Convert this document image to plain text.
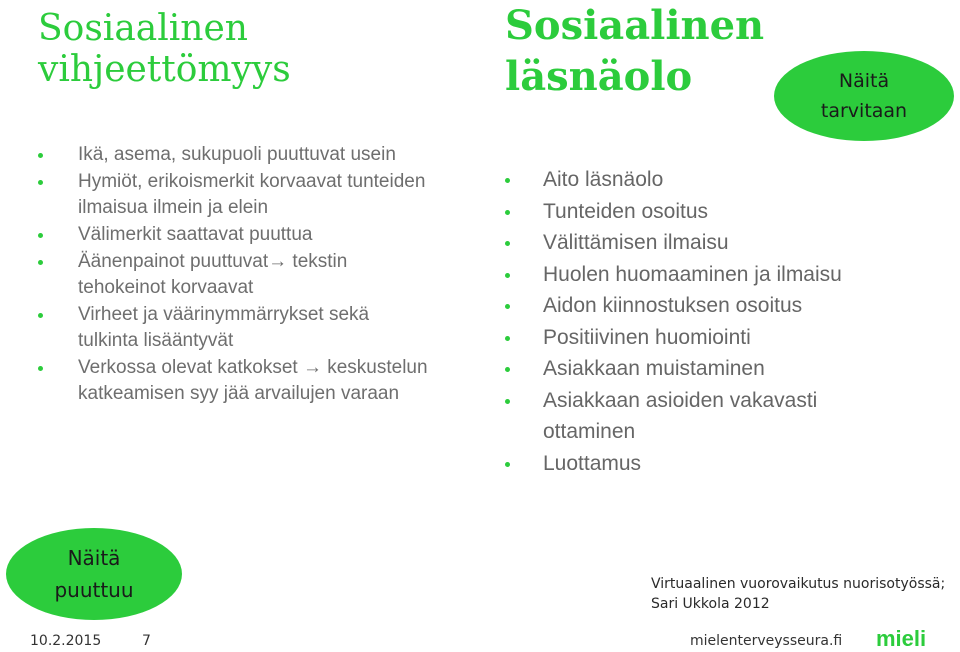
Sosiaalinen
vihjeettömyys
Ikä, asema, sukupuoli puuttuvat usein
Hymiöt, erikoismerkit korvaavat tunteiden ilmaisua ilmein ja elein
Välimerkit saattavat puuttua
Äänenpainot puuttuvat→ tekstin tehokeinot korvaavat
Virheet ja väärinymmärrykset sekä tulkinta lisääntyvät
Verkossa olevat katkokset → keskustelun katkeamisen syy jää arvailujen varaan
Sosiaalinen
läsnäolo	Näitä
tarvitaan
Aito läsnäolo
Tunteiden osoitus
Välittämisen ilmaisu
Huolen huomaaminen ja ilmaisu
Aidon kiinnostuksen osoitus
Positiivinen huomiointi
Asiakkaan muistaminen
Asiakkaan asioiden vakavasti ottaminen
Luottamus
Näitä
puuttuu	Virtuaalinen vuorovaikutus nuorisotyössä;
Sari Ukkola 2012
10.2.2015	7	mielenterveysseura.fi mieli
